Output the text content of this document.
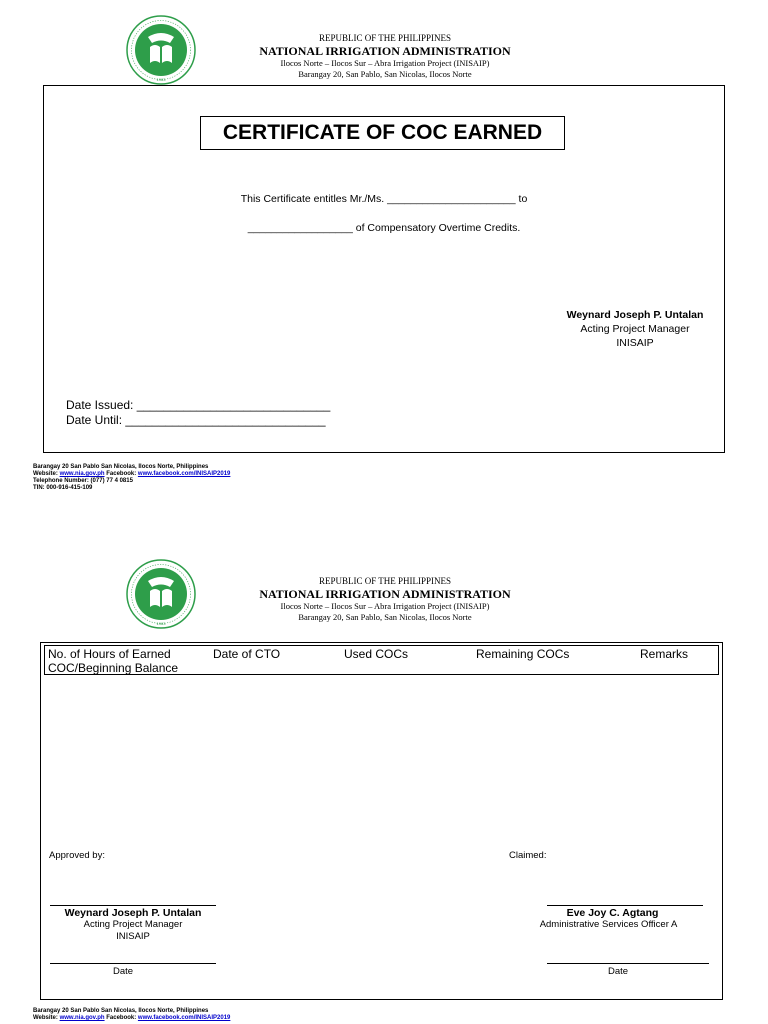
1963
REPUBLIC OF THE PHILIPPINES
NATIONAL IRRIGATION ADMINISTRATION
Ilocos Norte – Ilocos Sur – Abra Irrigation Project (INISAIP)
Barangay 20, San Pablo, San Nicolas, Ilocos Norte
CERTIFICATE OF COC EARNED
This Certificate entitles Mr./Ms. ______________________ to
__________________ of Compensatory Overtime Credits.
Weynard Joseph P. Untalan
Acting Project Manager
INISAIP
Date Issued: _____________________________
Date Until: ______________________________
Barangay 20 San Pablo San Nicolas, Ilocos Norte, Philippines
Website: www.nia.gov.ph Facebook: www.facebook.com/INISAIP2019
Telephone Number: (077) 77 4 0815
TIN: 000-916-415-109
1963
REPUBLIC OF THE PHILIPPINES
NATIONAL IRRIGATION ADMINISTRATION
Ilocos Norte – Ilocos Sur – Abra Irrigation Project (INISAIP)
Barangay 20, San Pablo, San Nicolas, Ilocos Norte
No. of Hours of Earned COC/Beginning Balance
Date of CTO	Used COCs	Remaining COCs	Remarks
Approved by:	Claimed:
Weynard Joseph P. Untalan
Acting Project Manager
INISAIP
Date
Eve Joy C. Agtang
Administrative Services Officer A
Date
Barangay 20 San Pablo San Nicolas, Ilocos Norte, Philippines
Website: www.nia.gov.ph Facebook: www.facebook.com/INISAIP2019
